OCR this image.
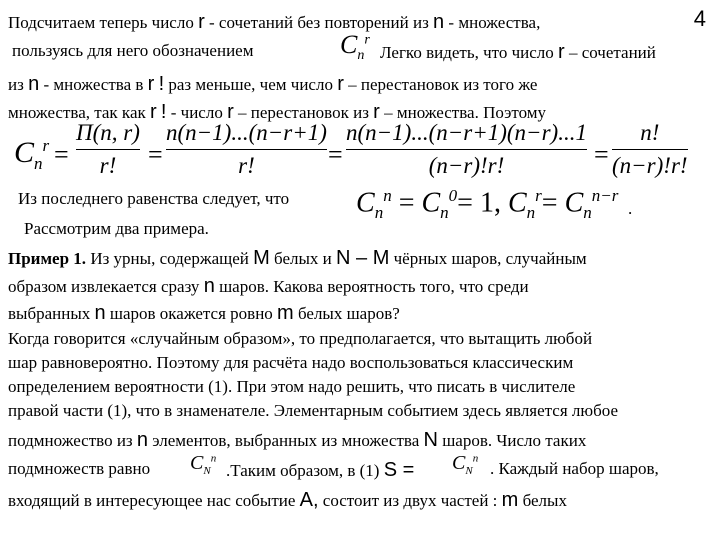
4
Подсчитаем теперь число r - сочетаний без повторений из n - множества,
пользуясь для него обозначением	$C_n^r$
Легко видеть, что число r – сочетаний
из n - множества в r ! раз меньше, чем число r – перестановок из того же
множества, так как r ! - число r – перестановок из r – множества. Поэтому
$C_n^r$ =
Π(n, r)
r! =
n(n−1)...(n−r+1)
r!	=
n(n−1)...(n−r+1)(n−r)...1
(n−r)!r!	=
n!
(n−r)!r!
Из последнего равенства следует, что $C_n^n = C_n^0= 1$, $C_n^r= C_n^{n-r}$
.
Рассмотрим два примера.
Пример 1. Из урны, содержащей M белых и N – M чёрных шаров, случайным
образом извлекается сразу n шаров. Какова вероятность того, что среди
выбранных n шаров окажется ровно m белых шаров?
Когда говорится «случайным образом», то предполагается, что вытащить любой
шар равновероятно. Поэтому для расчёта надо воспользоваться классическим
определением вероятности (1). При этом надо решить, что писать в числителе
правой части (1), что в знаменателе. Элементарным событием здесь является любое
подмножество из n элементов, выбранных из множества N шаров. Число таких
подмножеств равно $C_N^n$
.Таким образом, в (1) $S = C_N^n$
. Каждый набор шаров,
входящий в интересующее нас событие A, состоит из двух частей : m белых
